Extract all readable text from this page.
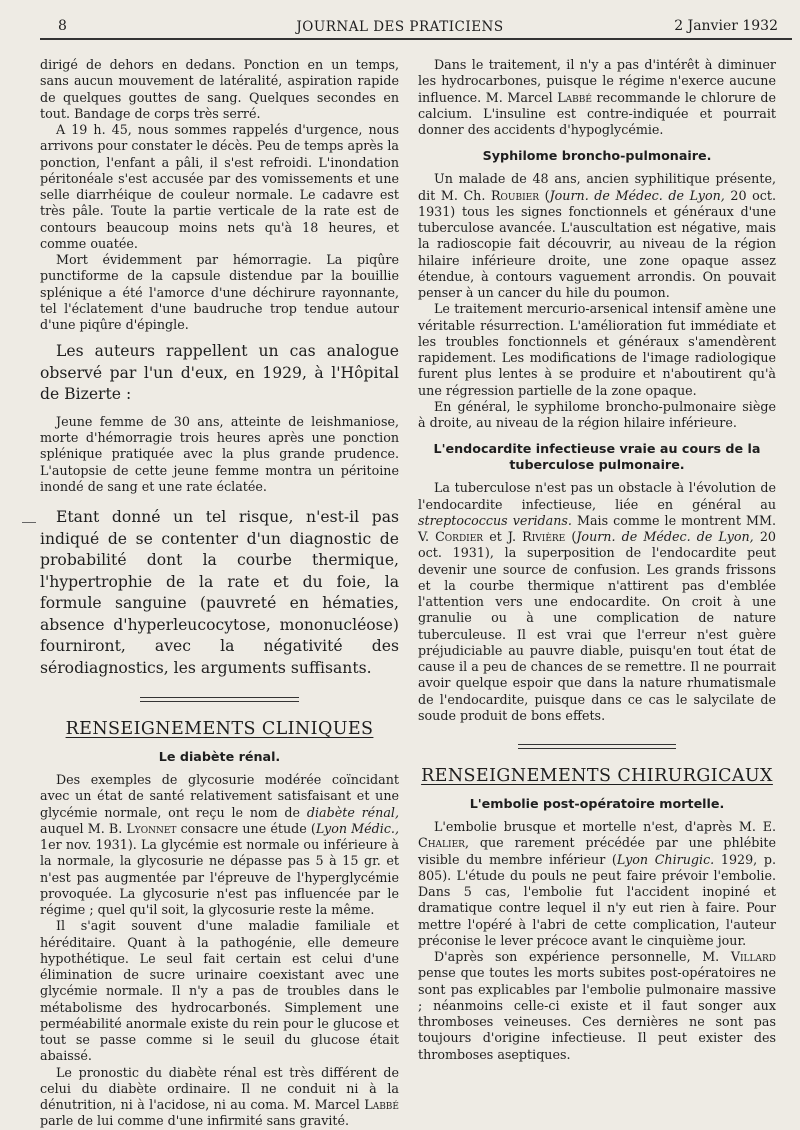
8	JOURNAL DES PRATICIENS	2 Janvier 1932

dirigé de dehors en dedans. Ponction en un temps, sans aucun mouvement de latéralité, aspiration rapide de quelques gouttes de sang. Quelques secondes en tout. Bandage de corps très serré.

A 19 h. 45, nous sommes rappelés d'urgence, nous arrivons pour constater le décès. Peu de temps après la ponction, l'enfant a pâli, il s'est refroidi. L'inondation péritonéale s'est accusée par des vomissements et une selle diarrhéique de couleur normale. Le cadavre est très pâle. Toute la partie verticale de la rate est de contours beaucoup moins nets qu'à 18 heures, et comme ouatée.

Mort évidemment par hémorragie. La piqûre punctiforme de la capsule distendue par la bouillie splénique a été l'amorce d'une déchirure rayonnante, tel l'éclatement d'une baudruche trop tendue autour d'une piqûre d'épingle.

Les auteurs rappellent un cas analogue observé par l'un d'eux, en 1929, à l'Hôpital de Bizerte :

Jeune femme de 30 ans, atteinte de leishmaniose, morte d'hémorragie trois heures après une ponction splénique pratiquée avec la plus grande prudence. L'autopsie de cette jeune femme montra un péritoine inondé de sang et une rate éclatée.

Etant donné un tel risque, n'est-il pas indiqué de se contenter d'un diagnostic de probabilité dont la courbe thermique, l'hypertrophie de la rate et du foie, la formule sanguine (pauvreté en hématies, absence d'hyperleucocytose, mononucléose) fourniront, avec la négativité des sérodiagnostics, les arguments suffisants.

RENSEIGNEMENTS CLINIQUES
Le diabète rénal.

Des exemples de glycosurie modérée coïncidant avec un état de santé relativement satisfaisant et une glycémie normale, ont reçu le nom de diabète rénal, auquel M. B. Lyonnet consacre une étude (Lyon Médic., 1er nov. 1931). La glycémie est normale ou inférieure à la normale, la glycosurie ne dépasse pas 5 à 15 gr. et n'est pas augmentée par l'épreuve de l'hyperglycémie provoquée. La glycosurie n'est pas influencée par le régime ; quel qu'il soit, la glycosurie reste la même.

Il s'agit souvent d'une maladie familiale et héréditaire. Quant à la pathogénie, elle demeure hypothétique. Le seul fait certain est celui d'une élimination de sucre urinaire coexistant avec une glycémie normale. Il n'y a pas de troubles dans le métabolisme des hydrocarbonés. Simplement une perméabilité anormale existe du rein pour le glucose et tout se passe comme si le seuil du glucose était abaissé.

Le pronostic du diabète rénal est très différent de celui du diabète ordinaire. Il ne conduit ni à la dénutrition, ni à l'acidose, ni au coma. M. Marcel Labbé parle de lui comme d'une infirmité sans gravité.

Dans le traitement, il n'y a pas d'intérêt à diminuer les hydrocarbones, puisque le régime n'exerce aucune influence. M. Marcel Labbé recommande le chlorure de calcium. L'insuline est contre-indiquée et pourrait donner des accidents d'hypoglycémie.

Syphilome broncho-pulmonaire.

Un malade de 48 ans, ancien syphilitique présente, dit M. Ch. Roubier (Journ. de Médec. de Lyon, 20 oct. 1931) tous les signes fonctionnels et généraux d'une tuberculose avancée. L'auscultation est négative, mais la radioscopie fait découvrir, au niveau de la région hilaire inférieure droite, une zone opaque assez étendue, à contours vaguement arrondis. On pouvait penser à un cancer du hile du poumon.

Le traitement mercurio-arsenical intensif amène une véritable résurrection. L'amélioration fut immédiate et les troubles fonctionnels et généraux s'amendèrent rapidement. Les modifications de l'image radiologique furent plus lentes à se produire et n'aboutirent qu'à une régression partielle de la zone opaque.

En général, le syphilome broncho-pulmonaire siège à droite, au niveau de la région hilaire inférieure.

L'endocardite infectieuse vraie au cours de la tuberculose pulmonaire.

La tuberculose n'est pas un obstacle à l'évolution de l'endocardite infectieuse, liée en général au streptococcus veridans. Mais comme le montrent MM. V. Cordier et J. Rivière (Journ. de Médec. de Lyon, 20 oct. 1931), la superposition de l'endocardite peut devenir une source de confusion. Les grands frissons et la courbe thermique n'attirent pas d'emblée l'attention vers une endocardite. On croit à une granulie ou à une complication de nature tuberculeuse. Il est vrai que l'erreur n'est guère préjudiciable au pauvre diable, puisqu'en tout état de cause il a peu de chances de se remettre. Il ne pourrait avoir quelque espoir que dans la nature rhumatismale de l'endocardite, puisque dans ce cas le salycilate de soude produit de bons effets.

RENSEIGNEMENTS CHIRURGICAUX
L'embolie post-opératoire mortelle.

L'embolie brusque et mortelle n'est, d'après M. E. Chalier, que rarement précédée par une phlébite visible du membre inférieur (Lyon Chirugic. 1929, p. 805). L'étude du pouls ne peut faire prévoir l'embolie. Dans 5 cas, l'embolie fut l'accident inopiné et dramatique contre lequel il n'y eut rien à faire. Pour mettre l'opéré à l'abri de cette complication, l'auteur préconise le lever précoce avant le cinquième jour.

D'après son expérience personnelle, M. Villard pense que toutes les morts subites post-opératoires ne sont pas explicables par l'embolie pulmonaire massive ; néanmoins celle-ci existe et il faut songer aux thromboses veineuses. Ces dernières ne sont pas toujours d'origine infectieuse. Il peut exister des thromboses aseptiques.
